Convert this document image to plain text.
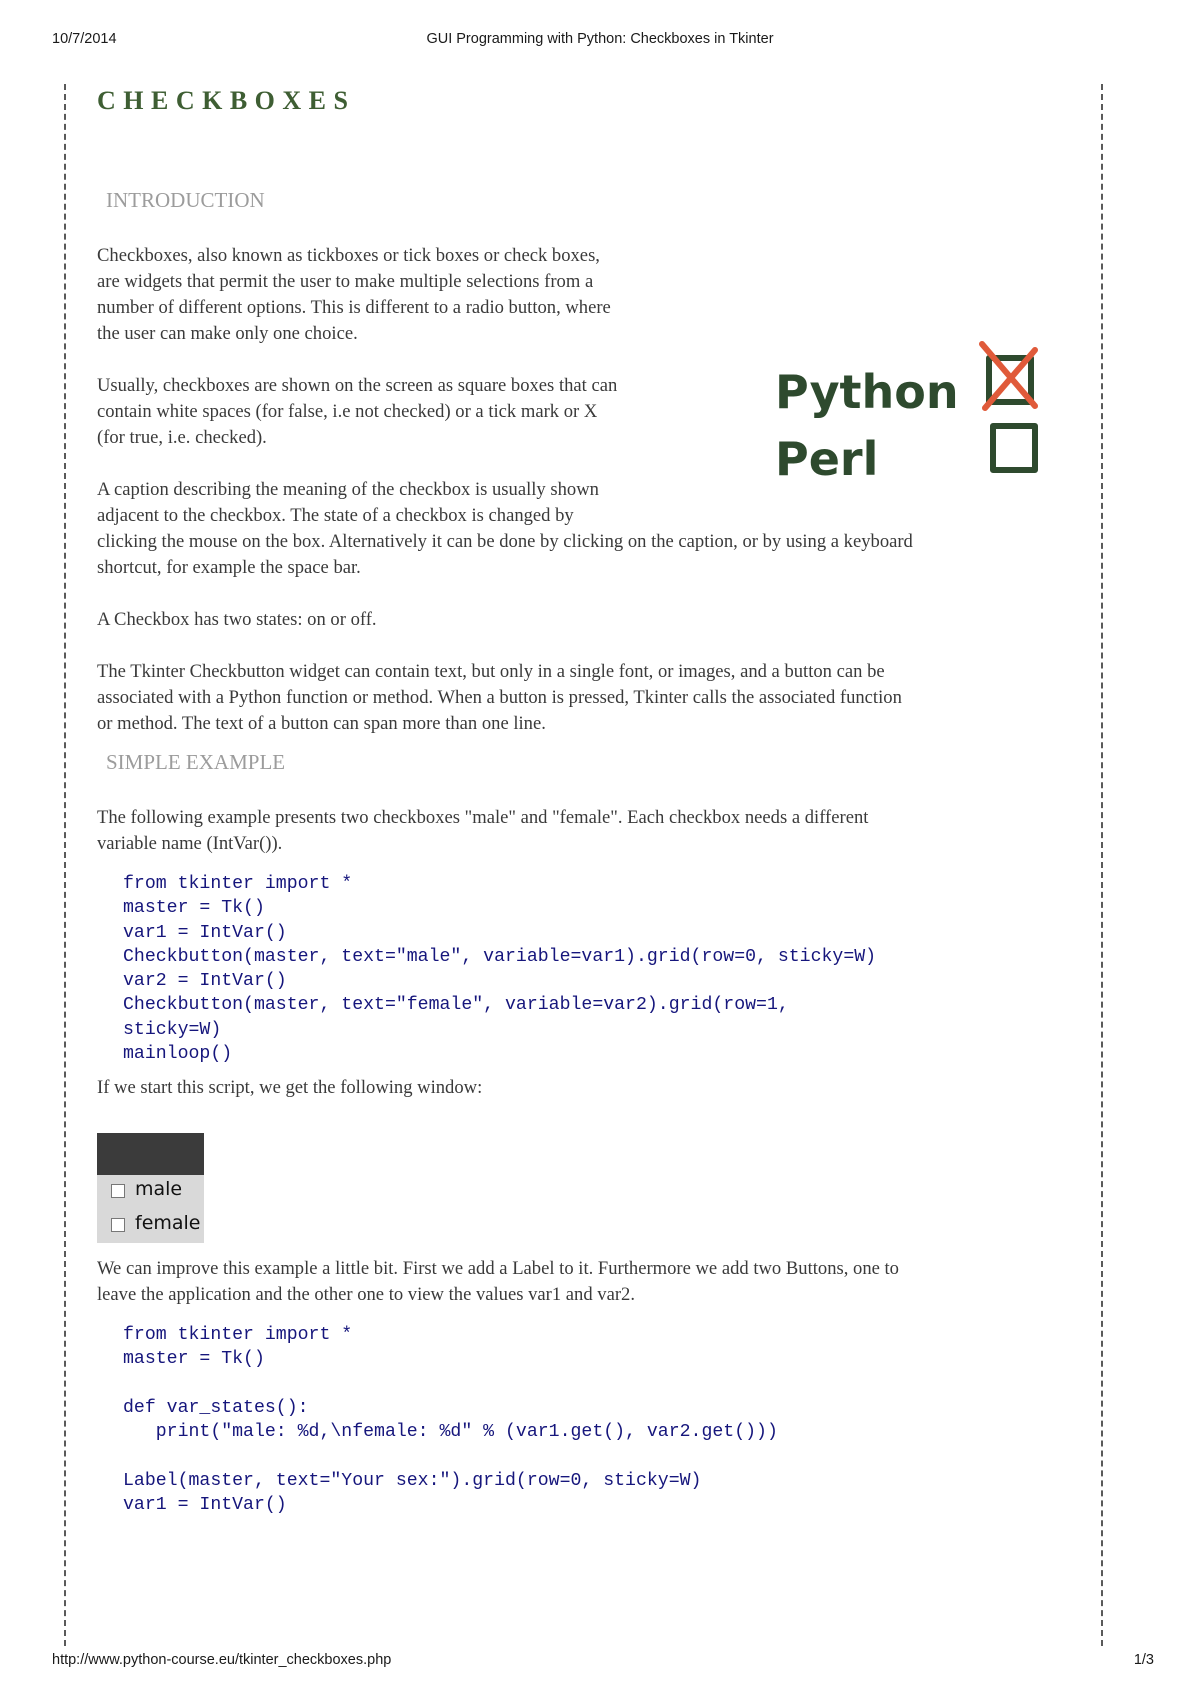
10/7/2014	GUI Programming with Python: Checkboxes in Tkinter
CHECKBOXES
INTRODUCTION

Checkboxes, also known as tickboxes or tick boxes or check boxes,
are widgets that permit the user to make multiple selections from a
number of different options. This is different to a radio button, where
the user can make only one choice.

Usually, checkboxes are shown on the screen as square boxes that can
contain white spaces (for false, i.e not checked) or a tick mark or X
(for true, i.e. checked).

A caption describing the meaning of the checkbox is usually shown
adjacent to the checkbox. The state of a checkbox is changed by
clicking the mouse on the box. Alternatively it can be done by clicking on the caption, or by using a keyboard
shortcut, for example the space bar.

A Checkbox has two states: on or off.

The Tkinter Checkbutton widget can contain text, but only in a single font, or images, and a button can be
associated with a Python function or method. When a button is pressed, Tkinter calls the associated function
or method. The text of a button can span more than one line.

Python
Perl
SIMPLE EXAMPLE

The following example presents two checkboxes "male" and "female". Each checkbox needs a different
variable name (IntVar()).

from tkinter import *
master = Tk()
var1 = IntVar()
Checkbutton(master, text="male", variable=var1).grid(row=0, sticky=W)
var2 = IntVar()
Checkbutton(master, text="female", variable=var2).grid(row=1,
sticky=W)
mainloop()

If we start this script, we get the following window:

male
female

We can improve this example a little bit. First we add a Label to it. Furthermore we add two Buttons, one to
leave the application and the other one to view the values var1 and var2.

from tkinter import *
master = Tk()

def var_states():
print("male: %d,\nfemale: %d" % (var1.get(), var2.get()))

Label(master, text="Your sex:").grid(row=0, sticky=W)
var1 = IntVar()
http://www.python-course.eu/tkinter_checkboxes.php	1/3
